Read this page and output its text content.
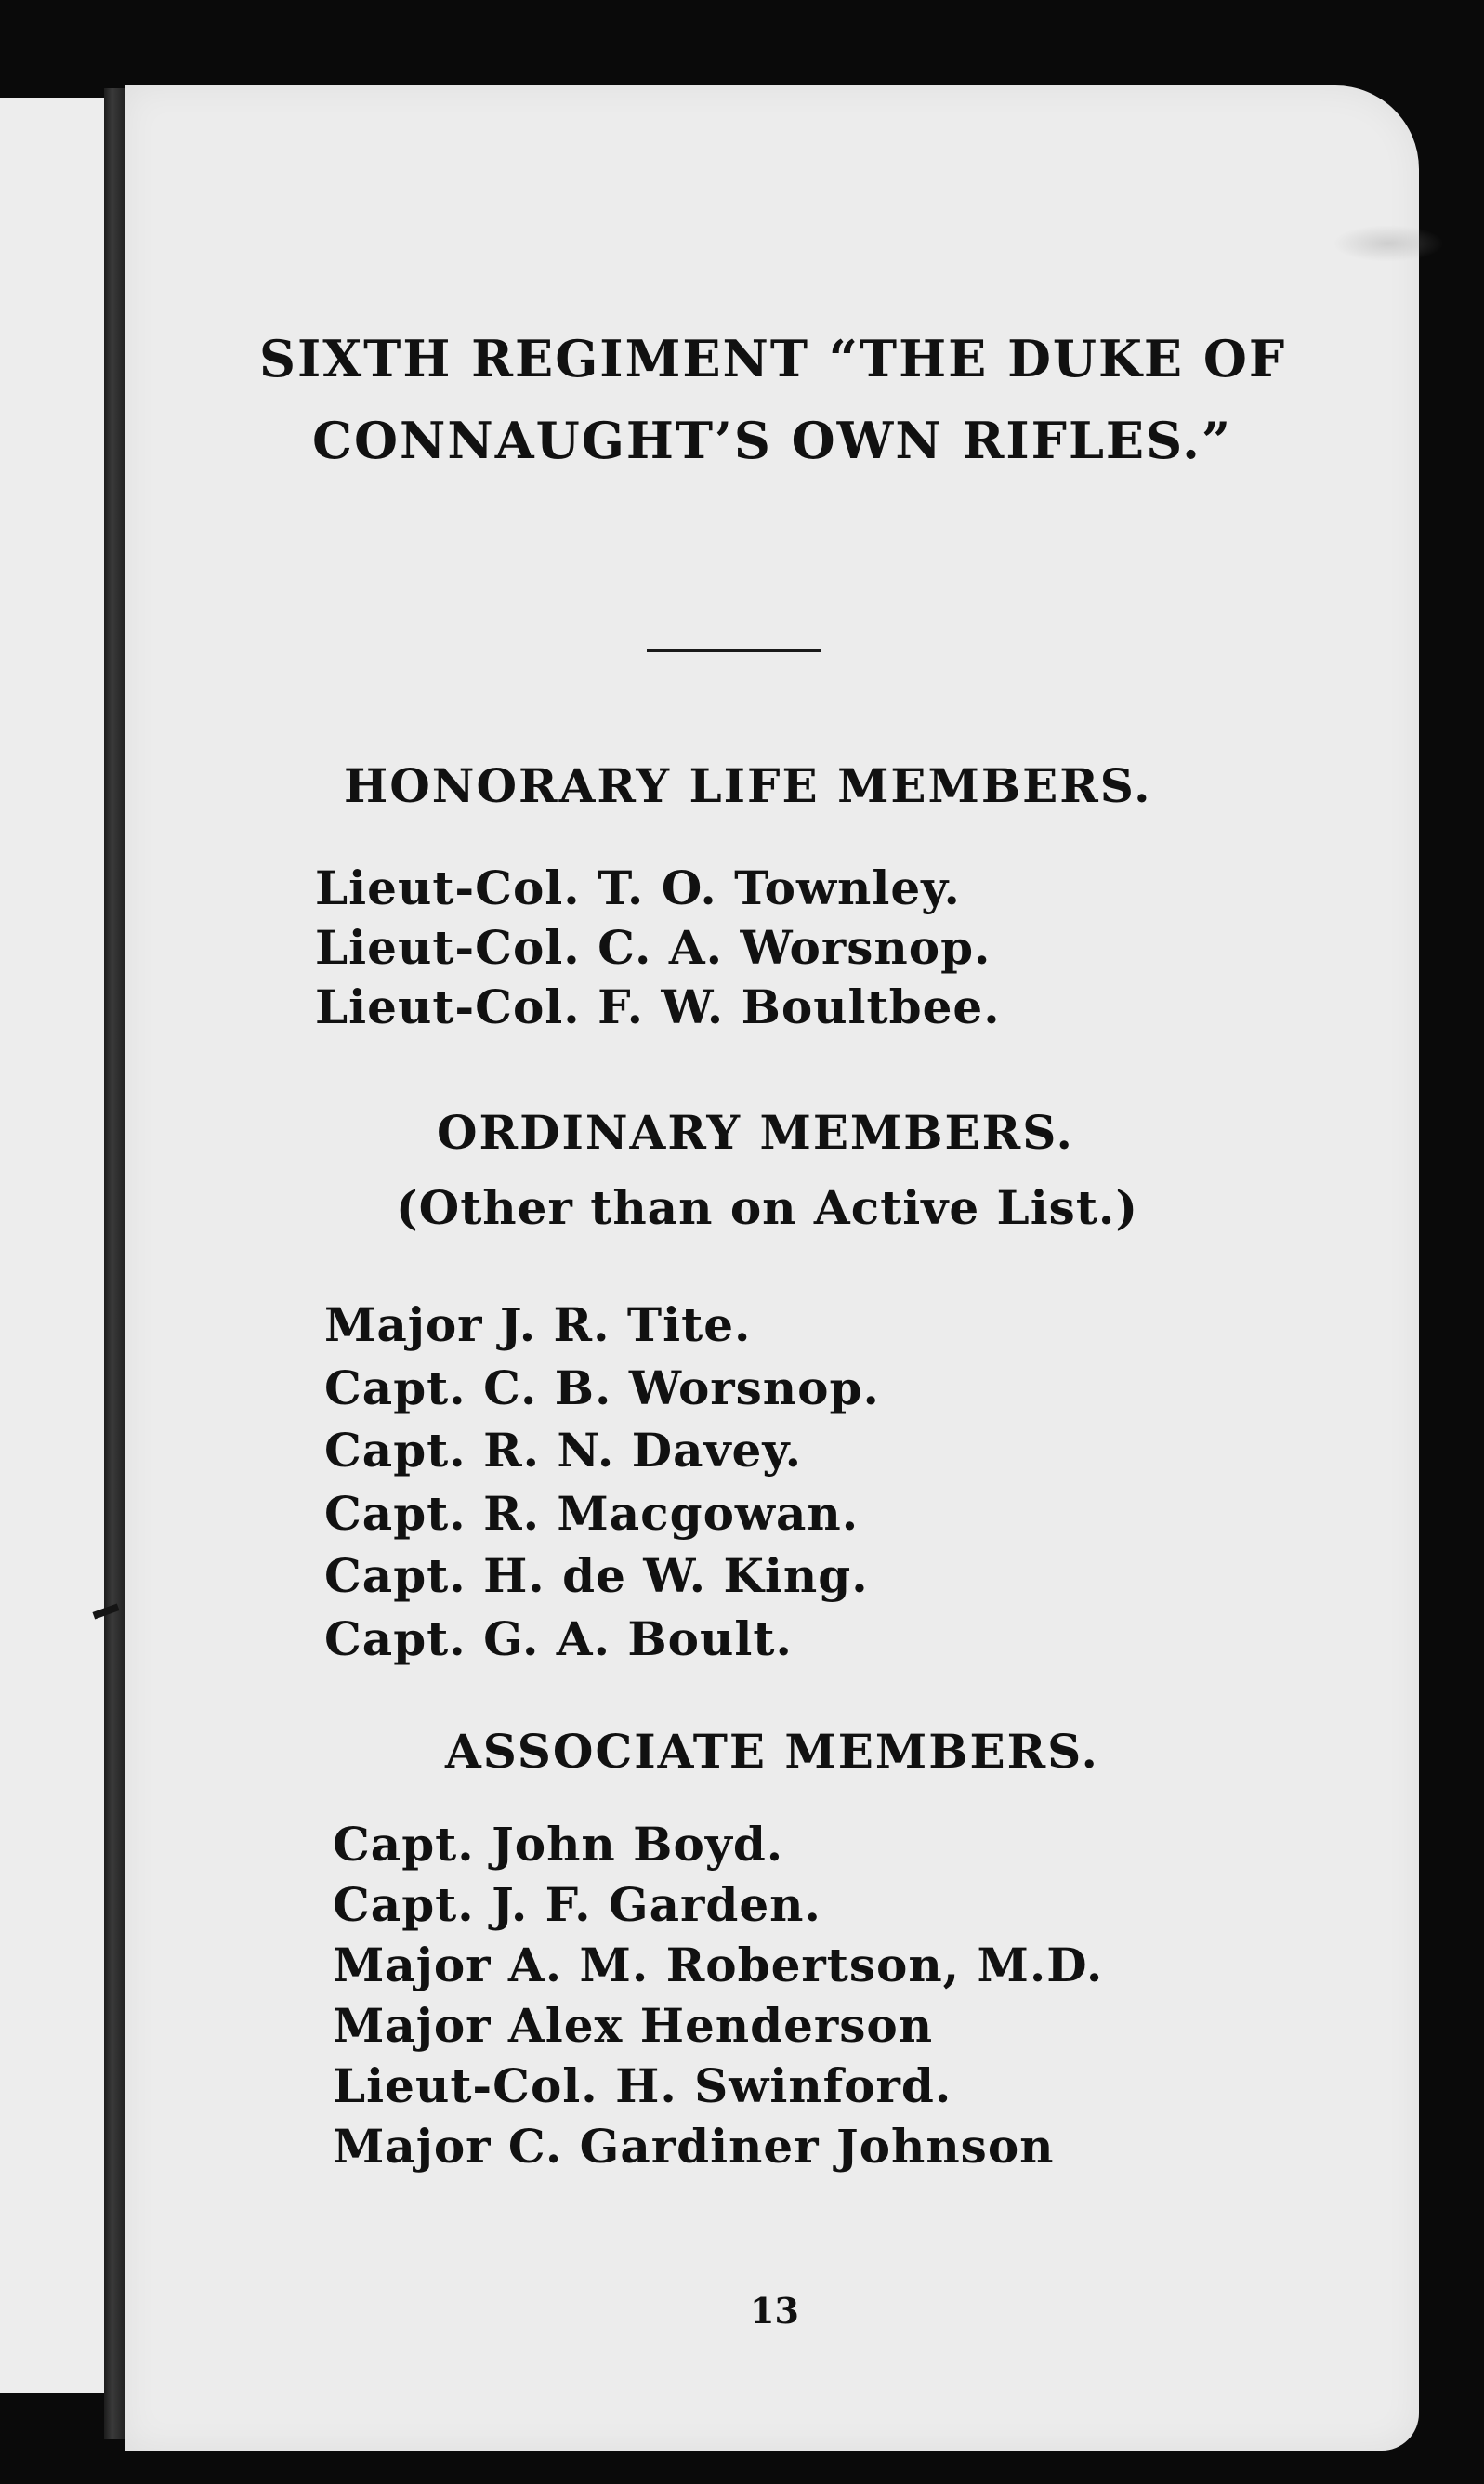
SIXTH REGIMENT “THE DUKE OF
CONNAUGHT’S OWN RIFLES.”
HONORARY LIFE MEMBERS.
Lieut-Col. T. O. Townley.
Lieut-Col. C. A. Worsnop.
Lieut-Col. F. W. Boultbee.
ORDINARY MEMBERS.
(Other than on Active List.)
Major J. R. Tite.
Capt. C. B. Worsnop.
Capt. R. N. Davey.
Capt. R. Macgowan.
Capt. H. de W. King.
Capt. G. A. Boult.
ASSOCIATE MEMBERS.
Capt. John Boyd.
Capt. J. F. Garden.
Major A. M. Robertson, M.D.
Major Alex Henderson
Lieut-Col. H. Swinford.
Major C. Gardiner Johnson
13
